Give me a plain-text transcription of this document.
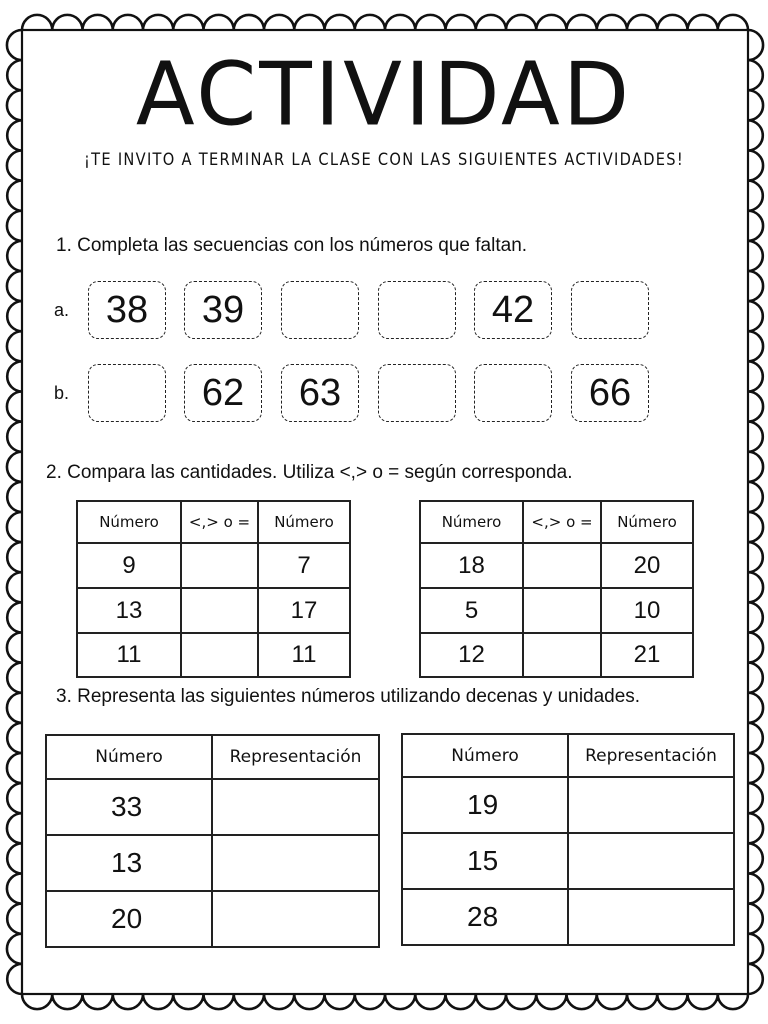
ACTIVIDAD
¡TE INVITO A TERMINAR LA CLASE CON LAS SIGUIENTES ACTIVIDADES!
1. Completa las secuencias con los números que faltan.
a. 38	39	42
b.	62	63	66
2. Compara las cantidades. Utiliza <,> o = según corresponda.
Número	<,> o =	Número
9		7
13		17
11		11
Número	<,> o =	Número
18		20
5		10
12		21
3. Representa las siguientes números utilizando decenas y unidades.
Número	Representación
33	
13	
20	
Número	Representación
19	
15	
28	
